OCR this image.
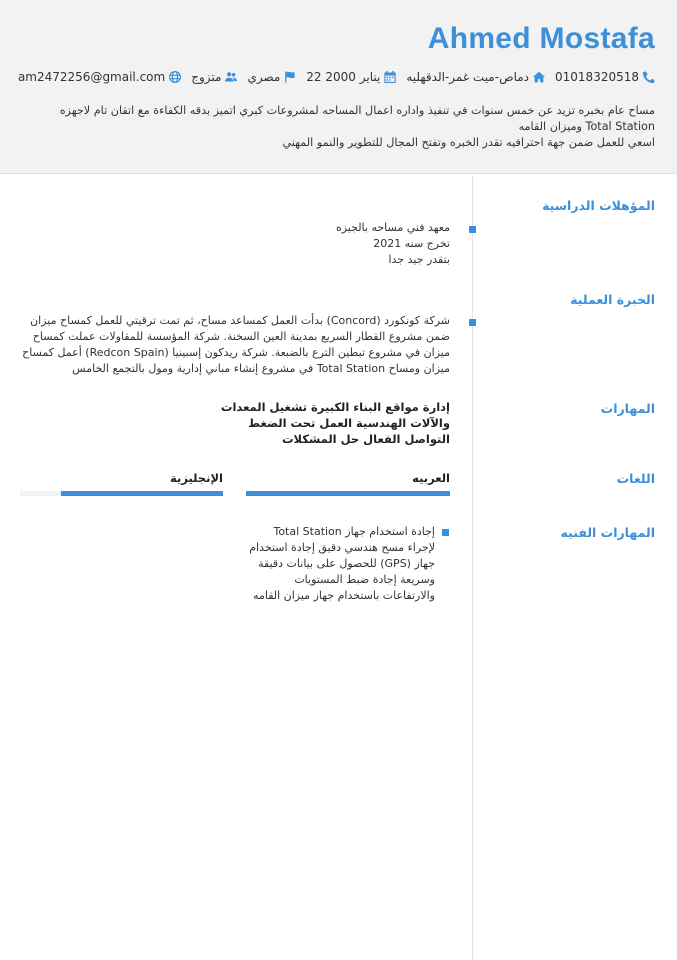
Ahmed Mostafa
am2472256@gmail.com متزوج مصري 22 يناير 2000 دماص-ميت غمر-الدقهليه 01018320518
مساح عام بخبره تزيد عن خمس سنوات في تنفيذ واداره اعمال المساحه لمشروعات كبري اتميز بدقه الكفاءة مع اتقان تام لاجهزه Total Station وميزان القامه
اسعي للعمل ضمن جهة احترافيه تقدر الخبره وتفتح المجال للتطوير والنمو المهني
المؤهلات الدراسية
معهد فني مساحه بالجيزه
تخرج سنه 2021
بتقدر جيد جدا
الخبرة العملية
شركة كونكورد (Concord) بدأت العمل كمساعد مساح، ثم تمت ترقيتي للعمل كمساح ميزان ضمن مشروع القطار السريع بمدينة العين السخنة. شركة المؤسسة للمقاولات عملت كمساح ميزان في مشروع تبطين الترع بالضبعة. شركة ريدكون إسبينيا (Redcon Spain) أعمل كمساح ميزان ومساح Total Station في مشروع إنشاء مباني إدارية ومول بالتجمع الخامس
المهارات
إدارة مواقع البناء الكبيرة تشغيل المعدات
والآلات الهندسية العمل تحت الضغط
التواصل الفعال حل المشكلات
اللغات
العربيه
الإنجليزية
المهارات الفنيه
إجادة استخدام جهاز Total Station لإجراء مسح هندسي دقيق إجادة استخدام جهاز (GPS) للحصول على بيانات دقيقة وسريعة إجادة ضبط المستويات والارتفاعات باستخدام جهاز ميزان القامه
